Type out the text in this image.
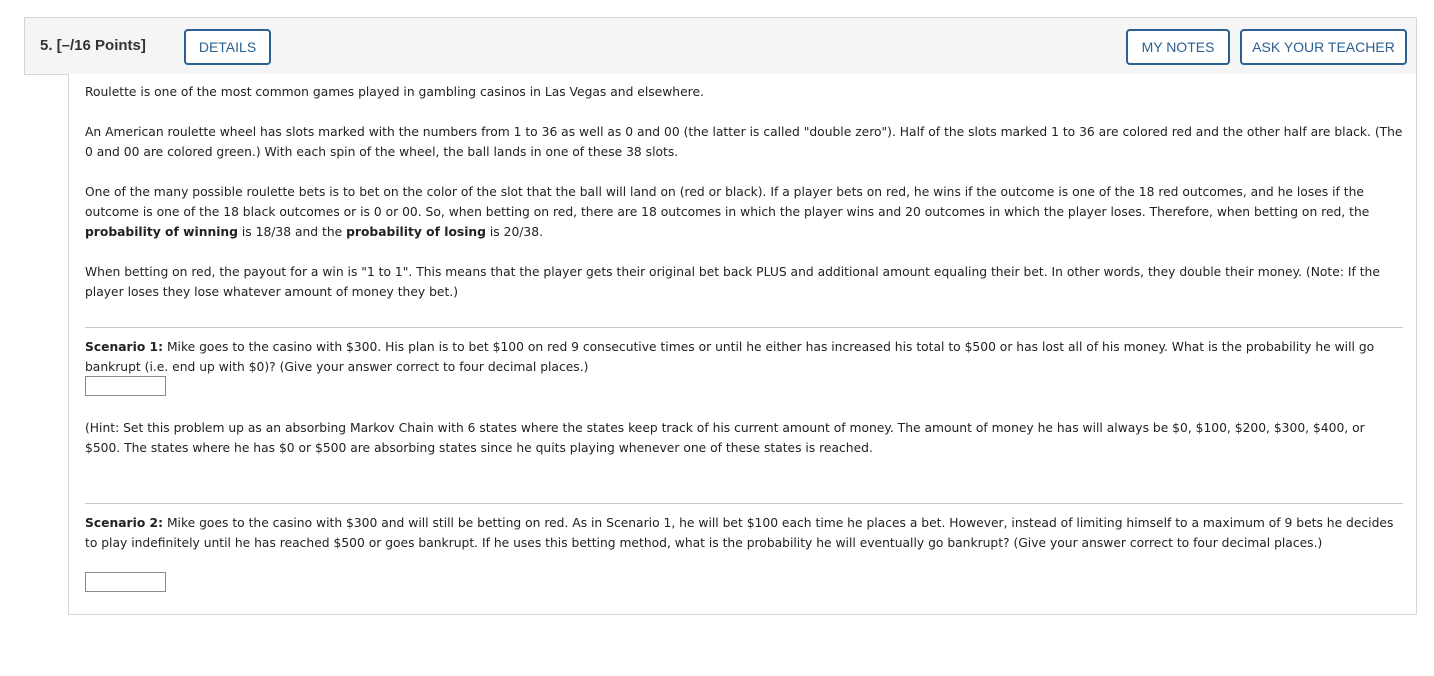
5. [–/16 Points]	DETAILS	MY NOTES	ASK YOUR TEACHER

Roulette is one of the most common games played in gambling casinos in Las Vegas and elsewhere.

An American roulette wheel has slots marked with the numbers from 1 to 36 as well as 0 and 00 (the latter is called "double zero"). Half of the slots marked 1 to 36 are colored red and the other half are black. (The 0 and 00 are colored green.) With each spin of the wheel, the ball lands in one of these 38 slots.

One of the many possible roulette bets is to bet on the color of the slot that the ball will land on (red or black). If a player bets on red, he wins if the outcome is one of the 18 red outcomes, and he loses if the outcome is one of the 18 black outcomes or is 0 or 00. So, when betting on red, there are 18 outcomes in which the player wins and 20 outcomes in which the player loses. Therefore, when betting on red, the probability of winning is 18/38 and the probability of losing is 20/38.

When betting on red, the payout for a win is "1 to 1". This means that the player gets their original bet back PLUS and additional amount equaling their bet. In other words, they double their money. (Note: If the player loses they lose whatever amount of money they bet.)

Scenario 1: Mike goes to the casino with $300. His plan is to bet $100 on red 9 consecutive times or until he either has increased his total to $500 or has lost all of his money. What is the probability he will go bankrupt (i.e. end up with $0)? (Give your answer correct to four decimal places.)

(Hint: Set this problem up as an absorbing Markov Chain with 6 states where the states keep track of his current amount of money. The amount of money he has will always be $0, $100, $200, $300, $400, or $500. The states where he has $0 or $500 are absorbing states since he quits playing whenever one of these states is reached.

Scenario 2: Mike goes to the casino with $300 and will still be betting on red. As in Scenario 1, he will bet $100 each time he places a bet. However, instead of limiting himself to a maximum of 9 bets he decides to play indefinitely until he has reached $500 or goes bankrupt. If he uses this betting method, what is the probability he will eventually go bankrupt? (Give your answer correct to four decimal places.)
